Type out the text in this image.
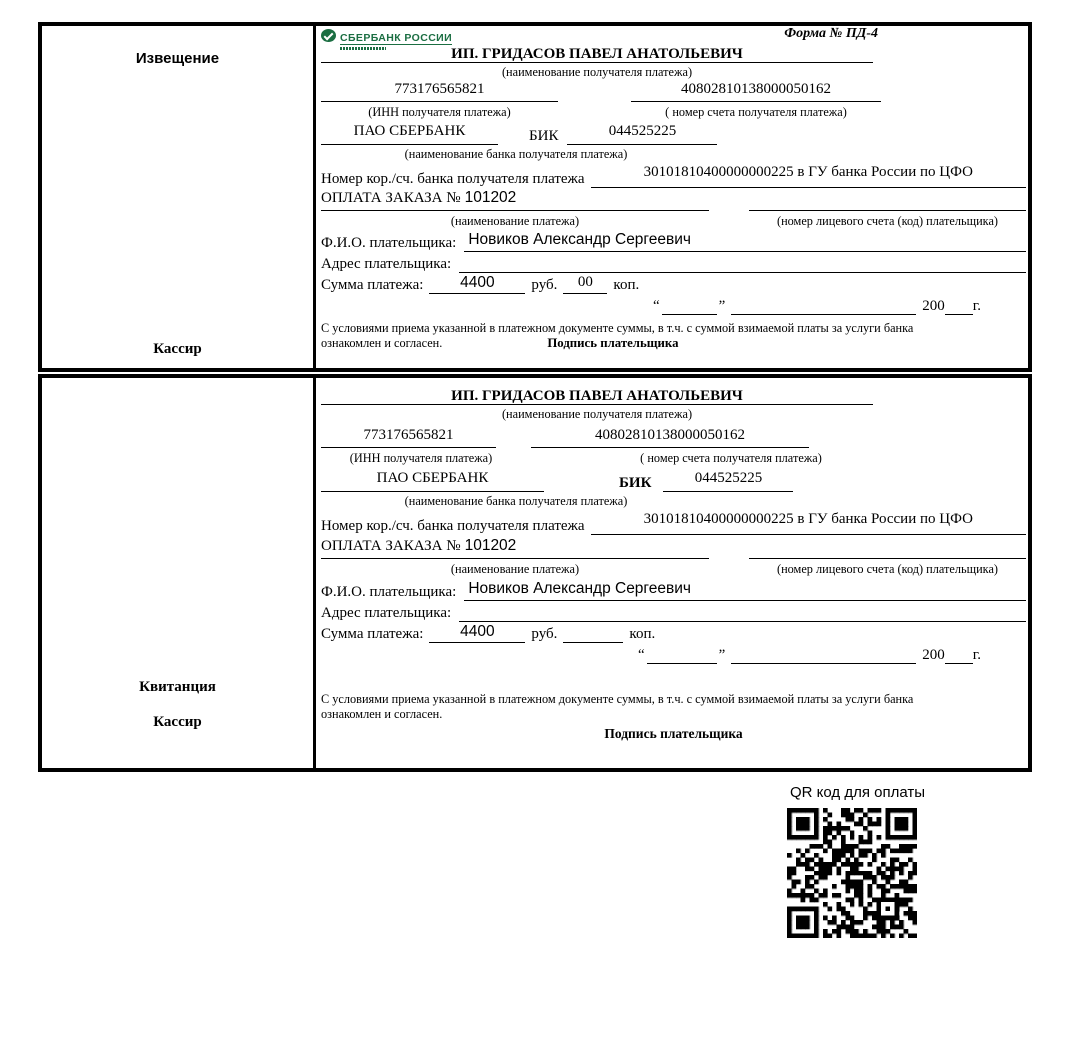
Извещение
Кассир
СБЕРБАНК РОССИИ	Форма № ПД-4
ИП. ГРИДАСОВ ПАВЕЛ АНАТОЛЬЕВИЧ
(наименование получателя платежа)
773176565821	40802810138000050162
(ИНН получателя платежа)	( номер счета получателя платежа)
ПАО СБЕРБАНК	БИК	044525225
(наименование банка получателя платежа)
Номер кор./сч. банка получателя платежа	30101810400000000225 в ГУ банка России по ЦФО
ОПЛАТА ЗАКАЗА № 101202
(наименование платежа)	(номер лицевого счета (код) плательщика)
Ф.И.О. плательщика: Новиков Александр Сергеевич
Адрес плательщика:
Сумма платежа:	4400	руб.	00	коп.
“	”	200 г.
С условиями приема указанной в платежном документе суммы, в т.ч. с суммой взимаемой платы за услуги банка
ознакомлен и согласен.	Подпись плательщика
Квитанция
Кассир
ИП. ГРИДАСОВ ПАВЕЛ АНАТОЛЬЕВИЧ
(наименование получателя платежа)
773176565821	40802810138000050162
(ИНН получателя платежа)	( номер счета получателя платежа)
ПАО СБЕРБАНК	БИК	044525225
(наименование банка получателя платежа)
Номер кор./сч. банка получателя платежа	30101810400000000225 в ГУ банка России по ЦФО
ОПЛАТА ЗАКАЗА № 101202
(наименование платежа)	(номер лицевого счета (код) плательщика)
Ф.И.О. плательщика: Новиков Александр Сергеевич
Адрес плательщика:
Сумма платежа:	4400	руб.	коп.
“	”	200 г.
С условиями приема указанной в платежном документе суммы, в т.ч. с суммой взимаемой платы за услуги банка
ознакомлен и согласен.
Подпись плательщика
QR код для оплаты
